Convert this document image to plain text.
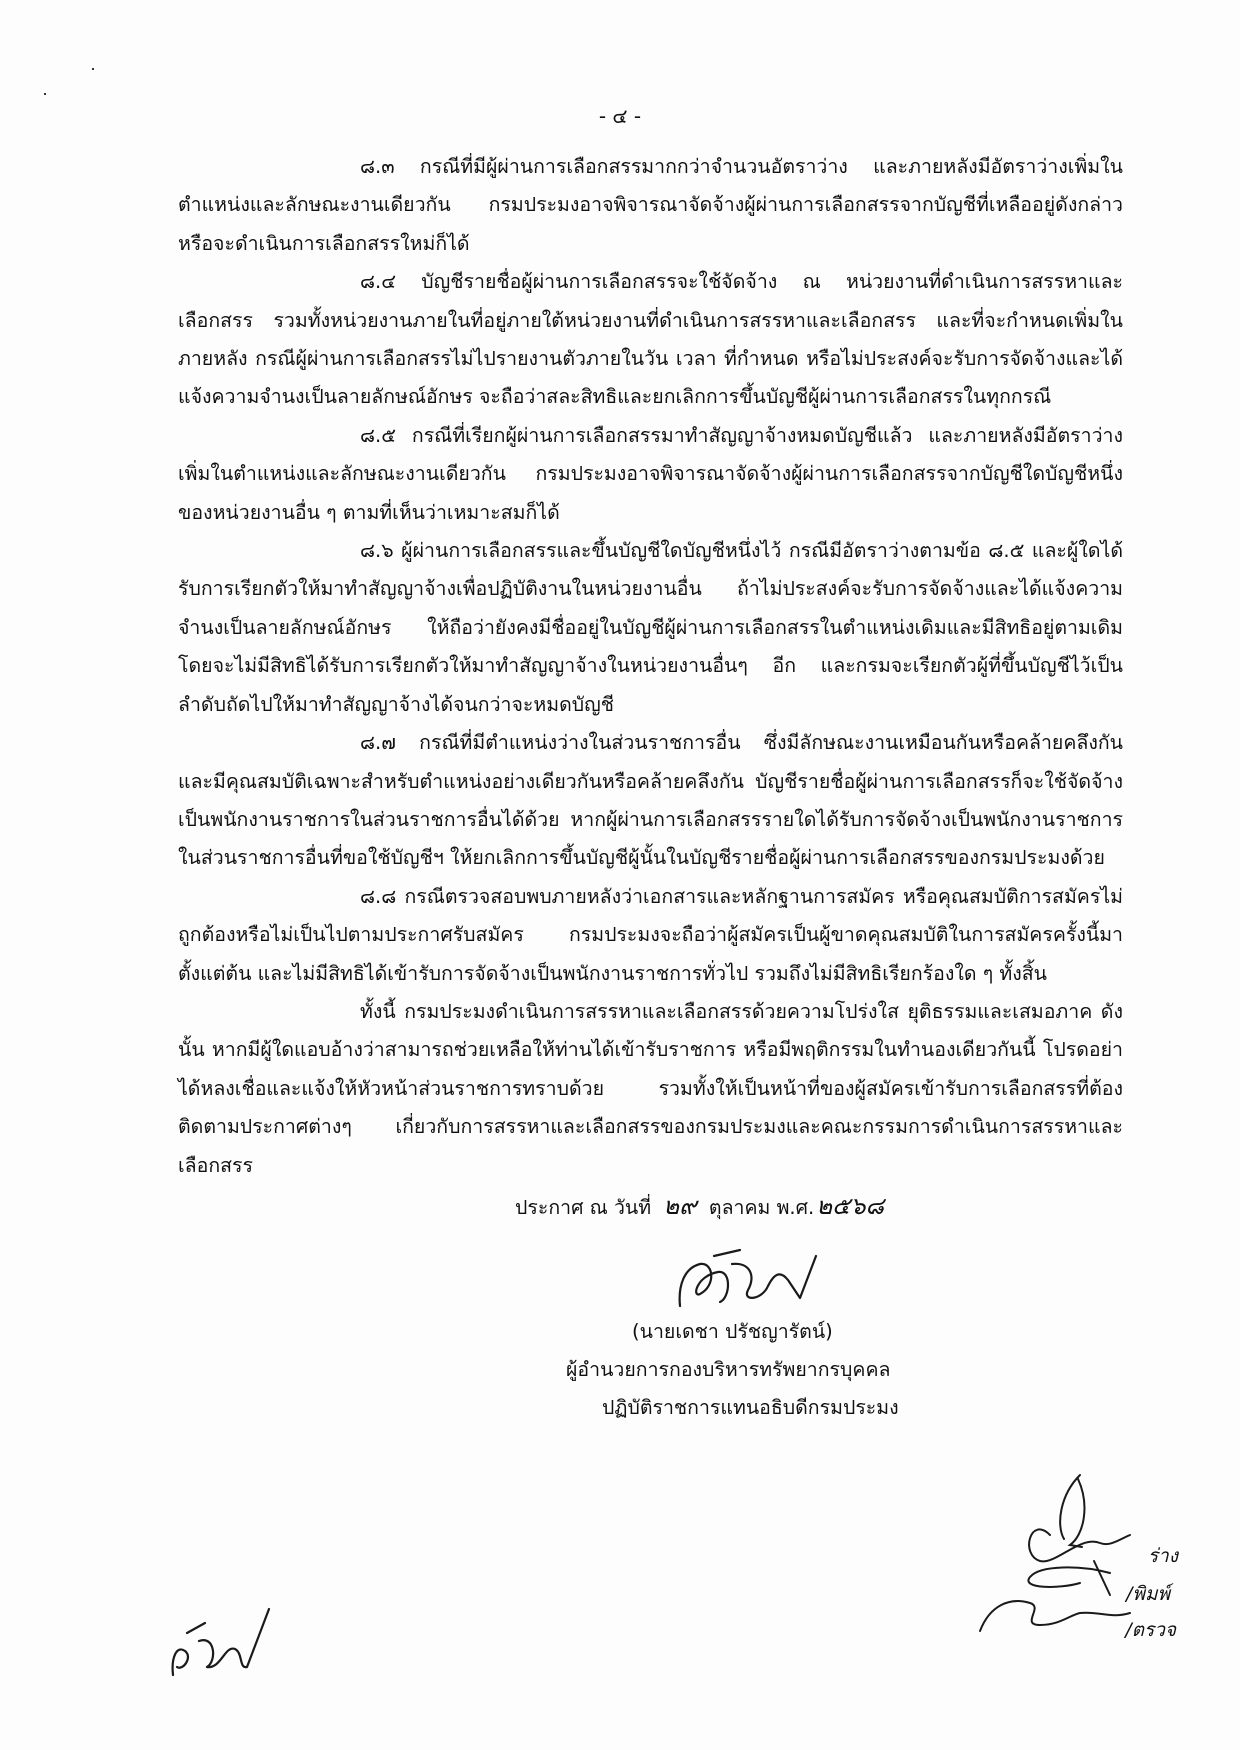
- ๔ -

๘.๓ กรณีที่มีผู้ผ่านการเลือกสรรมากกว่าจำนวนอัตราว่าง และภายหลังมีอัตราว่างเพิ่มในตำแหน่งและลักษณะงานเดียวกัน กรมประมงอาจพิจารณาจัดจ้างผู้ผ่านการเลือกสรรจากบัญชีที่เหลืออยู่ดังกล่าวหรือจะดำเนินการเลือกสรรใหม่ก็ได้

๘.๔ บัญชีรายชื่อผู้ผ่านการเลือกสรรจะใช้จัดจ้าง ณ หน่วยงานที่ดำเนินการสรรหาและเลือกสรร รวมทั้งหน่วยงานภายในที่อยู่ภายใต้หน่วยงานที่ดำเนินการสรรหาและเลือกสรร และที่จะกำหนดเพิ่มในภายหลัง กรณีผู้ผ่านการเลือกสรรไม่ไปรายงานตัวภายในวัน เวลา ที่กำหนด หรือไม่ประสงค์จะรับการจัดจ้างและได้แจ้งความจำนงเป็นลายลักษณ์อักษร จะถือว่าสละสิทธิและยกเลิกการขึ้นบัญชีผู้ผ่านการเลือกสรรในทุกกรณี

๘.๕ กรณีที่เรียกผู้ผ่านการเลือกสรรมาทำสัญญาจ้างหมดบัญชีแล้ว และภายหลังมีอัตราว่างเพิ่มในตำแหน่งและลักษณะงานเดียวกัน กรมประมงอาจพิจารณาจัดจ้างผู้ผ่านการเลือกสรรจากบัญชีใดบัญชีหนึ่งของหน่วยงานอื่น ๆ ตามที่เห็นว่าเหมาะสมก็ได้

๘.๖ ผู้ผ่านการเลือกสรรและขึ้นบัญชีใดบัญชีหนึ่งไว้ กรณีมีอัตราว่างตามข้อ ๘.๕ และผู้ใดได้รับการเรียกตัวให้มาทำสัญญาจ้างเพื่อปฏิบัติงานในหน่วยงานอื่น ถ้าไม่ประสงค์จะรับการจัดจ้างและได้แจ้งความจำนงเป็นลายลักษณ์อักษร ให้ถือว่ายังคงมีชื่ออยู่ในบัญชีผู้ผ่านการเลือกสรรในตำแหน่งเดิมและมีสิทธิอยู่ตามเดิม โดยจะไม่มีสิทธิได้รับการเรียกตัวให้มาทำสัญญาจ้างในหน่วยงานอื่นๆ อีก และกรมจะเรียกตัวผู้ที่ขึ้นบัญชีไว้เป็นลำดับถัดไปให้มาทำสัญญาจ้างได้จนกว่าจะหมดบัญชี

๘.๗ กรณีที่มีตำแหน่งว่างในส่วนราชการอื่น ซึ่งมีลักษณะงานเหมือนกันหรือคล้ายคลึงกันและมีคุณสมบัติเฉพาะสำหรับตำแหน่งอย่างเดียวกันหรือคล้ายคลึงกัน บัญชีรายชื่อผู้ผ่านการเลือกสรรก็จะใช้จัดจ้างเป็นพนักงานราชการในส่วนราชการอื่นได้ด้วย หากผู้ผ่านการเลือกสรรรายใดได้รับการจัดจ้างเป็นพนักงานราชการในส่วนราชการอื่นที่ขอใช้บัญชีฯ ให้ยกเลิกการขึ้นบัญชีผู้นั้นในบัญชีรายชื่อผู้ผ่านการเลือกสรรของกรมประมงด้วย

๘.๘ กรณีตรวจสอบพบภายหลังว่าเอกสารและหลักฐานการสมัคร หรือคุณสมบัติการสมัครไม่ถูกต้องหรือไม่เป็นไปตามประกาศรับสมัคร กรมประมงจะถือว่าผู้สมัครเป็นผู้ขาดคุณสมบัติในการสมัครครั้งนี้มาตั้งแต่ต้น และไม่มีสิทธิได้เข้ารับการจัดจ้างเป็นพนักงานราชการทั่วไป รวมถึงไม่มีสิทธิเรียกร้องใด ๆ ทั้งสิ้น

ทั้งนี้ กรมประมงดำเนินการสรรหาและเลือกสรรด้วยความโปร่งใส ยุติธรรมและเสมอภาค ดังนั้น หากมีผู้ใดแอบอ้างว่าสามารถช่วยเหลือให้ท่านได้เข้ารับราชการ หรือมีพฤติกรรมในทำนองเดียวกันนี้ โปรดอย่าได้หลงเชื่อและแจ้งให้หัวหน้าส่วนราชการทราบด้วย รวมทั้งให้เป็นหน้าที่ของผู้สมัครเข้ารับการเลือกสรรที่ต้องติดตามประกาศต่างๆ เกี่ยวกับการสรรหาและเลือกสรรของกรมประมงและคณะกรรมการดำเนินการสรรหาและเลือกสรร

ประกาศ ณ วันที่ ๒๙ ตุลาคม พ.ศ.๒๕๖๘
(นายเดชา ปรัชญารัตน์)
ผู้อำนวยการกองบริหารทรัพยากรบุคคล
ปฏิบัติราชการแทนอธิบดีกรมประมง
ร่าง
/พิมพ์
/ตรวจ
